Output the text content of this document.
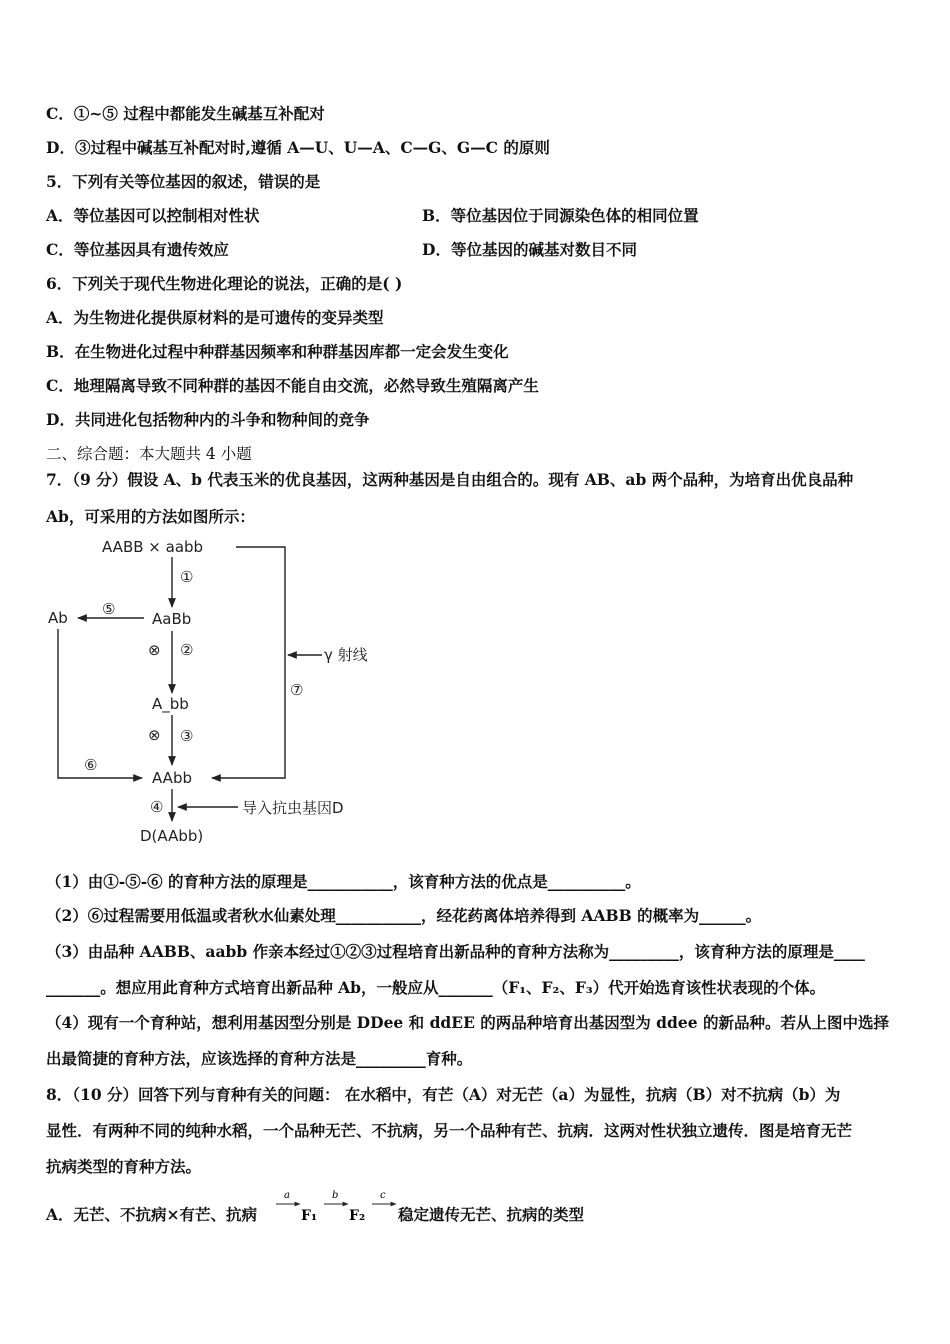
C．①~⑤ 过程中都能发生碱基互补配对
D．③过程中碱基互补配对时,遵循 A—U、U—A、C—G、G—C 的原则
5．下列有关等位基因的叙述，错误的是
A．等位基因可以控制相对性状	B．等位基因位于同源染色体的相同位置
C．等位基因具有遗传效应	D．等位基因的碱基对数目不同
6．下列关于现代生物进化理论的说法，正确的是( )
A．为生物进化提供原材料的是可遗传的变异类型
B．在生物进化过程中种群基因频率和种群基因库都一定会发生变化
C．地理隔离导致不同种群的基因不能自由交流，必然导致生殖隔离产生
D．共同进化包括物种内的斗争和物种间的竞争
二、综合题：本大题共 4 小题
7．（9 分）假设 A、b 代表玉米的优良基因，这两种基因是自由组合的。现有 AB、ab 两个品种，为培育出优良品种
Ab，可采用的方法如图所示：
AABB × aabb
①
Ab ⑤
AaBb
⊗ ②	γ 射线
⑦
A_bb
⊗ ③
⑥
AAbb
④	导入抗虫基因D
D(AAbb)
（1）由①-⑤-⑥ 的育种方法的原理是___________，该育种方法的优点是__________。
（2）⑥过程需要用低温或者秋水仙素处理___________，经花药离体培养得到 AABB 的概率为______。
（3）由品种 AABB、aabb 作亲本经过①②③过程培育出新品种的育种方法称为_________，该育种方法的原理是____
_______。想应用此育种方式培育出新品种 Ab，一般应从_______（F₁、F₂、F₃）代开始选育该性状表现的个体。
（4）现有一个育种站，想利用基因型分别是 DDee 和 ddEE 的两品种培育出基因型为 ddee 的新品种。若从上图中选择
出最简捷的育种方法，应该选择的育种方法是_________育种。
8．（10 分）回答下列与育种有关的问题： 在水稻中，有芒（A）对无芒（a）为显性，抗病（B）对不抗病（b）为
显性．有两种不同的纯种水稻，一个品种无芒、不抗病，另一个品种有芒、抗病．这两对性状独立遗传．图是培育无芒
抗病类型的育种方法。
A．无芒、不抗病×有芒、抗病
a	b	c
F₁ F₂ 稳定遗传无芒、抗病的类型
